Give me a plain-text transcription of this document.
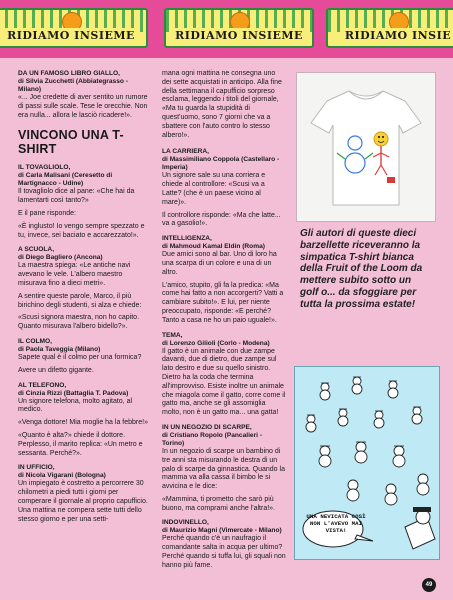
RIDIAMO INSIEME	RIDIAMO INSIEME	RIDIAMO INSIE
DA UN FAMOSO LIBRO GIALLO,
di Silvia Zucchetti (Abbiategrasso - Milano)

«... Joe credette di aver sentito un rumore di passi sulle scale. Tese le orecchie. Non era nulla... allora le lasciò ricadere!».

VINCONO UNA T-SHIRT
IL TOVAGLIOLO,
di Carla Malisani (Ceresetto di Martignacco - Udine)

Il tovagliolo dice al pane: «Che hai da lamentarti così tanto?»

E il pane risponde:

«È inglusto! Io vengo sempre spezzato e tu, invece, sei baciato e accarezzato!».

A SCUOLA,
di Diego Bagliero (Ancona)

La maestra spiega: «Le antiche navi avevano le vele. L'albero maestro misurava fino a dieci metri».

A sentire queste parole, Marco, il più birichino degli studenti, si alza e chiede:

«Scusi signora maestra, non ho capito. Quanto misurava l'albero bidello?».

IL COLMO,
di Paola Taveggia (Milano)

Sapete qual è il colmo per una formica?

Avere un difetto gigante.

AL TELEFONO,
di Cinzia Rizzi (Battaglia T. Padova)

Un signore telefona, molto agitato, al medico.

«Venga dottore! Mia moglie ha la febbre!»

«Quanto è alta?» chiede il dottore. Perplesso, il marito replica: «Un metro e sessanta. Perché?».

IN UFFICIO,
di Nicola Vigarani (Bologna)

Un impiegato è costretto a percorrere 30 chilometri a piedi tutti i giorni per comperare il giornale al proprio capufficio. Una mattina ne compera sette tutti dello stesso giorno e per una setti-

mana ogni mattina ne consegna uno dei sette acquistati in anticipo. Alla fine della settimana il capufficio sorpreso esclama, leggendo i titoli del giornale, «Ma tu guarda la stupidità di quest'uomo, sono 7 giorni che va a sbattere con l'auto contro lo stesso albero!».

LA CARRIERA,
di Massimiliano Coppola (Castellaro - Imperia)

Un signore sale su una corriera e chiede al controllore: «Scusi va a Latte? (che è un paese vicino al mare)».

Il controllore risponde: «Ma che latte... va a gasolio!».

INTELLIGENZA,
di Mahmoud Kamal Eldin (Roma)

Due amici sono al bar. Uno di loro ha una scarpa di un colore e una di un altro.

L'amico, stupito, gli fa la predica: «Ma come hai fatto a non accorgerti? Vatti a cambiare subito!». E lui, per niente preoccupato, risponde: «E perché? Tanto a casa ne ho un paio uguale!».

TEMA,
di Lorenzo Gilioli (Corlo - Modena)

Il gatto è un animale con due zampe davanti, due di dietro, due zampe sul lato destro e due su quello sinistro. Dietro ha la coda che termina all'improvviso. Esiste inoltre un animale che miagola come il gatto, corre come il gatto ma, anche se gli assomiglia molto, non è un gatto ma... una gatta!

IN UN NEGOZIO DI SCARPE,
di Cristiano Ropolo (Pancalieri - Torino)

In un negozio di scarpe un bambino di tre anni sta misurando le destra di un palo di scarpe da ginnastica. Quando la mamma va alla cassa il bimbo le si avvicina e le dice:

«Mammina, ti prometto che sarò più buono, ma comprami anche l'altra!».

INDOVINELLO,
di Maurizio Magni (Vimercate - Milano)

Perché quando c'è un naufragio il comandante salta in acqua per ultimo? Perché quando si tuffa lui, gli squali non hanno più fame.

Gli autori di queste dieci barzellette riceveranno la simpatica T-shirt bianca della Fruit of the Loom da mettere subito sotto un golf o... da sfoggiare per tutta la prossima estate!
UNA NEVICATA COSÌ NON L'AVEVO MAI VISTA!
49
